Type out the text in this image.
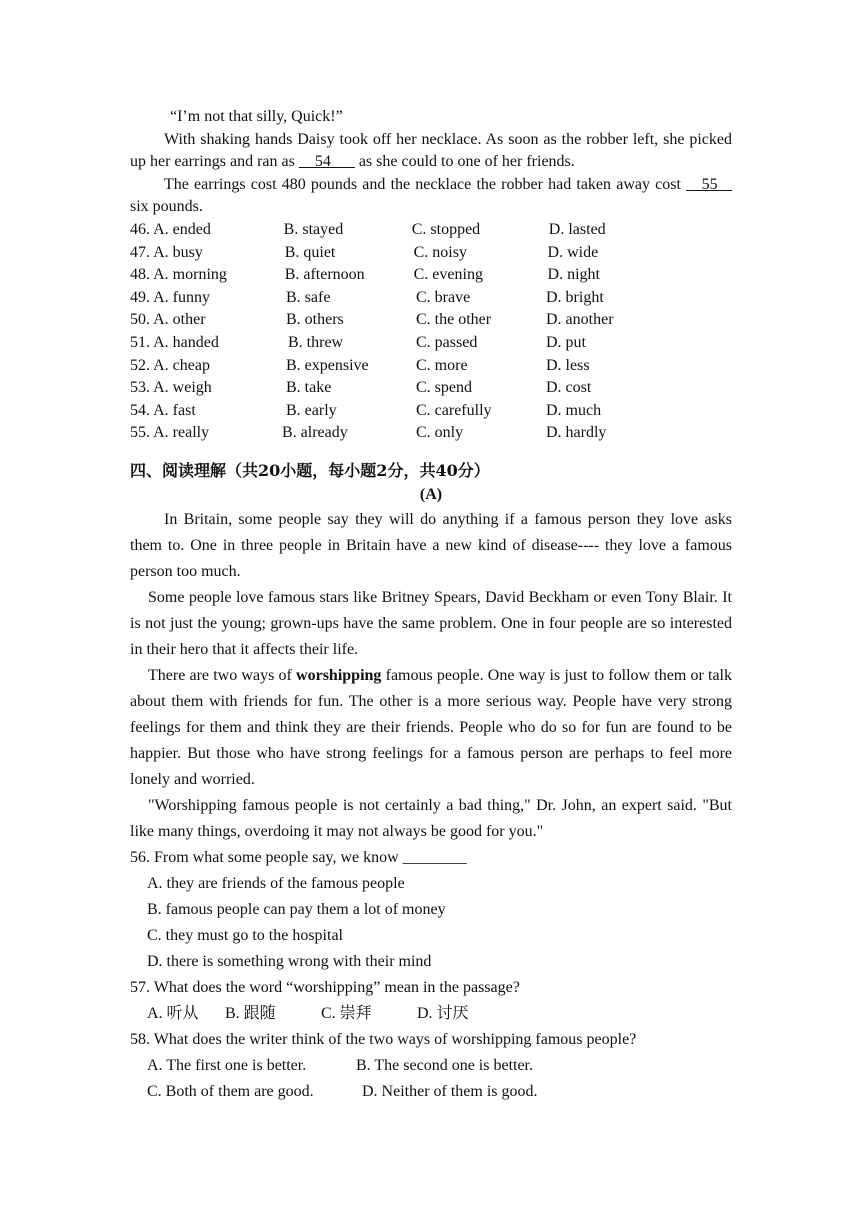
“I’m not that silly, Quick!”

With shaking hands Daisy took off her necklace. As soon as the robber left, she picked up her earrings and ran as     54       as she could to one of her friends.

The earrings cost 480 pounds and the necklace the robber had taken away cost    55    six pounds.

46. A. ended	B. stayed	C. stopped	D. lasted
47. A. busy	B. quiet	C. noisy	D. wide
48. A. morning	B. afternoon	C. evening	D. night
49. A. funny	B. safe	C. brave	D. bright
50. A. other	B. others	C. the other	D. another
51. A. handed	B. threw	C. passed	D. put
52. A. cheap	B. expensive	C. more	D. less
53. A. weigh	B. take	C. spend	D. cost
54. A. fast	B. early	C. carefully	D. much
55. A. really	B. already	C. only	D. hardly
四、阅读理解（共20小题，每小题2分，共40分）
(A)

In Britain, some people say they will do anything if a famous person they love asks them to. One in three people in Britain have a new kind of disease---- they love a famous person too much.

Some people love famous stars like Britney Spears, David Beckham or even Tony Blair. It is not just the young; grown-ups have the same problem. One in four people are so interested in their hero that it affects their life.

There are two ways of worshipping famous people. One way is just to follow them or talk about them with friends for fun. The other is a more serious way. People have very strong feelings for them and think they are their friends. People who do so for fun are found to be happier. But those who have strong feelings for a famous person are perhaps to feel more lonely and worried.

"Worshipping famous people is not certainly a bad thing," Dr. John, an expert said. "But like many things, overdoing it may not always be good for you."

56. From what some people say, we know ________

A. they are friends of the famous people

B. famous people can pay them a lot of money

C. they must go to the hospital

D. there is something wrong with their mind

57. What does the word “worshipping” mean in the passage?

A. 听从 B. 跟随	C. 崇拜	D. 讨厌

58. What does the writer think of the two ways of worshipping famous people?

A. The first one is better.	B. The second one is better.

C. Both of them are good.	D. Neither of them is good.
